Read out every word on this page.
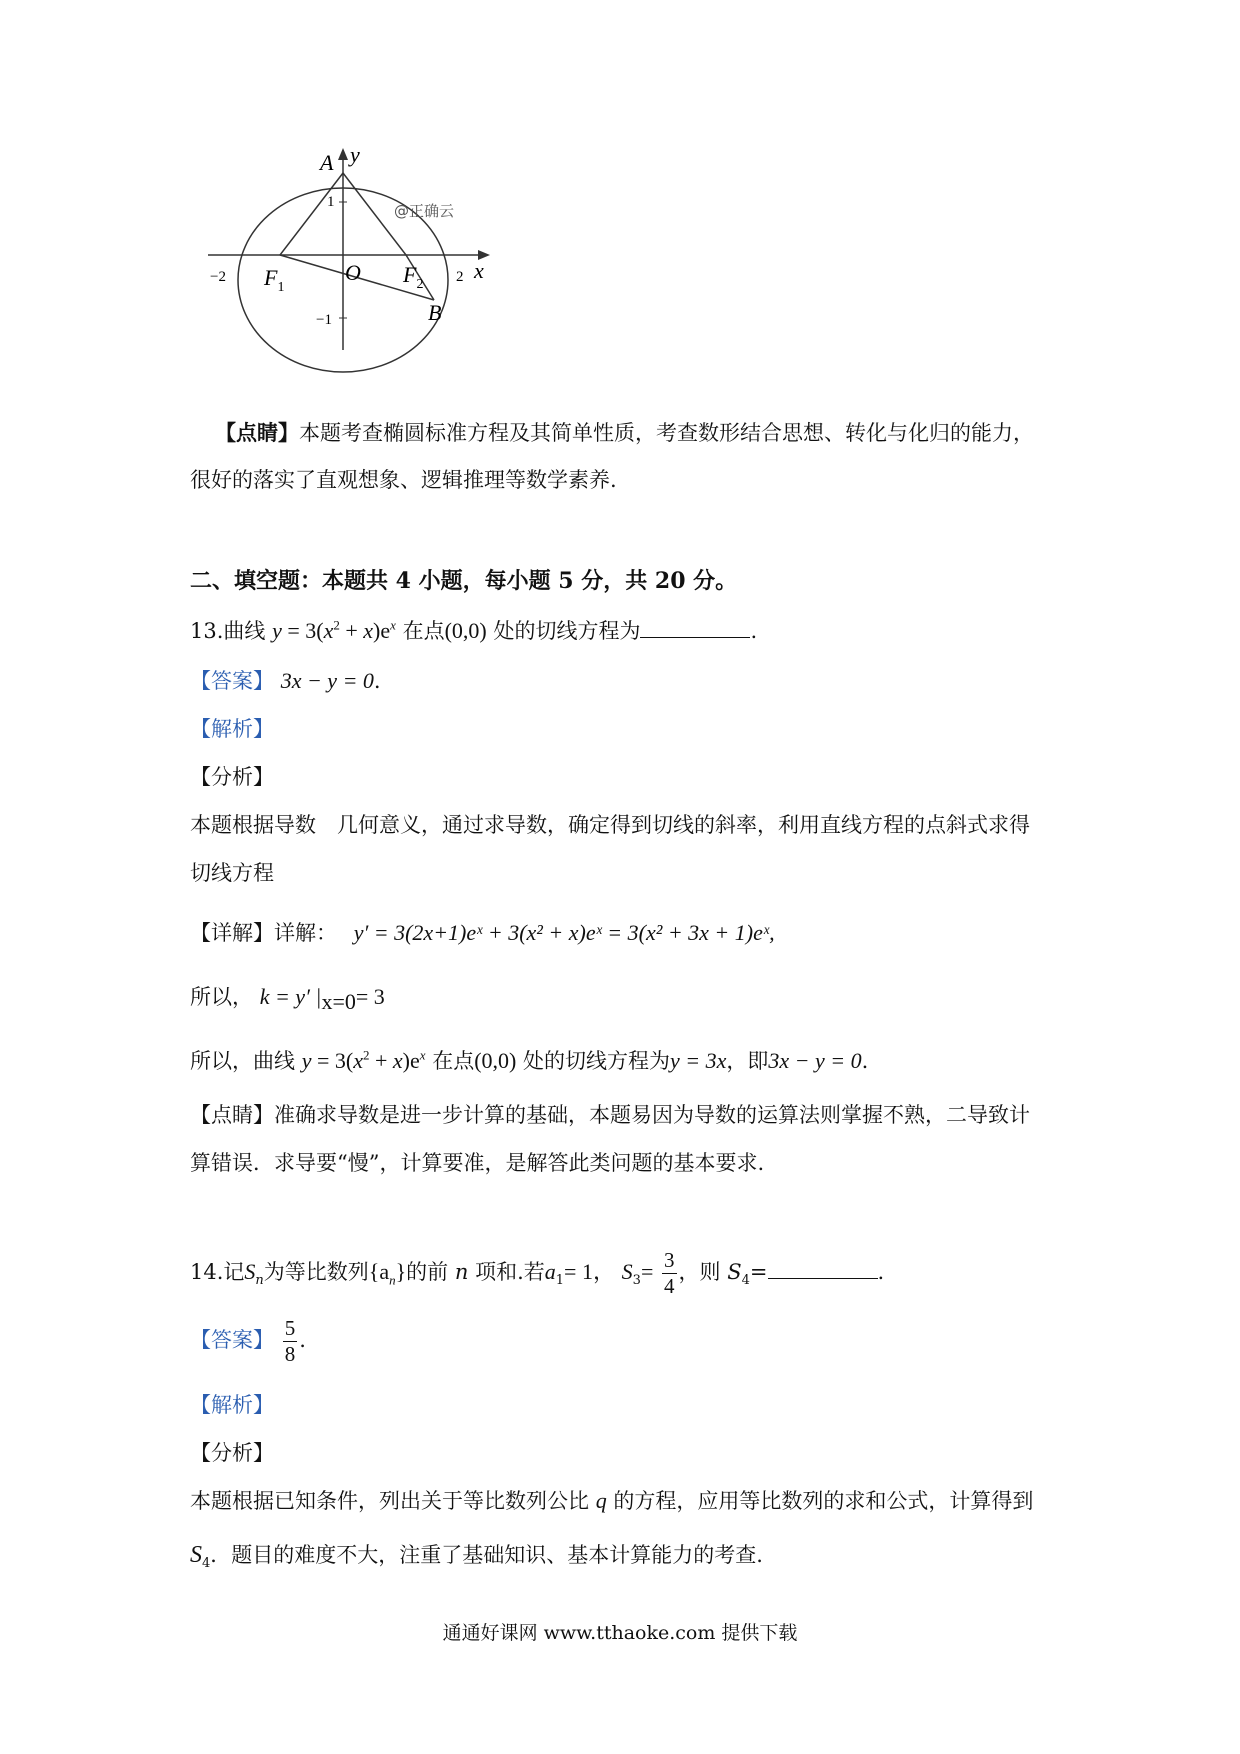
A y
x
O
$F_1$
$F_2$
B
−2	2
1
−1
@正确云
【点睛】本题考查椭圆标准方程及其简单性质，考查数形结合思想、转化与化归的能力，
很好的落实了直观想象、逻辑推理等数学素养.
二、填空题：本题共 4 小题，每小题 5 分，共 20 分。
13.曲线 $y = 3(x^2 + x)e^x$ 在点(0,0) 处的切线方程为	.
【答案】 3x − y = 0.
【解析】
【分析】
本题根据导数　几何意义，通过求导数，确定得到切线的斜率，利用直线方程的点斜式求得
切线方程
【详解】详解： y′ = 3(2x+1)eˣ + 3(x² + x)eˣ = 3(x² + 3x + 1)eˣ,
所以， k = y′ $|_{x=0}= 3$
所以，曲线 $y = 3(x^2 + x)e^x$ 在点(0,0) 处的切线方程为y = 3x，即3x − y = 0.
【点睛】准确求导数是进一步计算的基础，本题易因为导数的运算法则掌握不熟，二导致计
算错误．求导要“慢”，计算要准，是解答此类问题的基本要求.
14.记$S_n$为等比数列$\{a_n\}$的前 n 项和.若$a_1= 1$， $S_3= \frac{3}{4}$ ，则 $S_4=$	.
【答案】 $\frac{5}{8}$ .
【解析】
【分析】
本题根据已知条件，列出关于等比数列公比 q 的方程，应用等比数列的求和公式，计算得到
$S_4$．题目的难度不大，注重了基础知识、基本计算能力的考查.
通通好课网 www.tthaoke.com 提供下载
